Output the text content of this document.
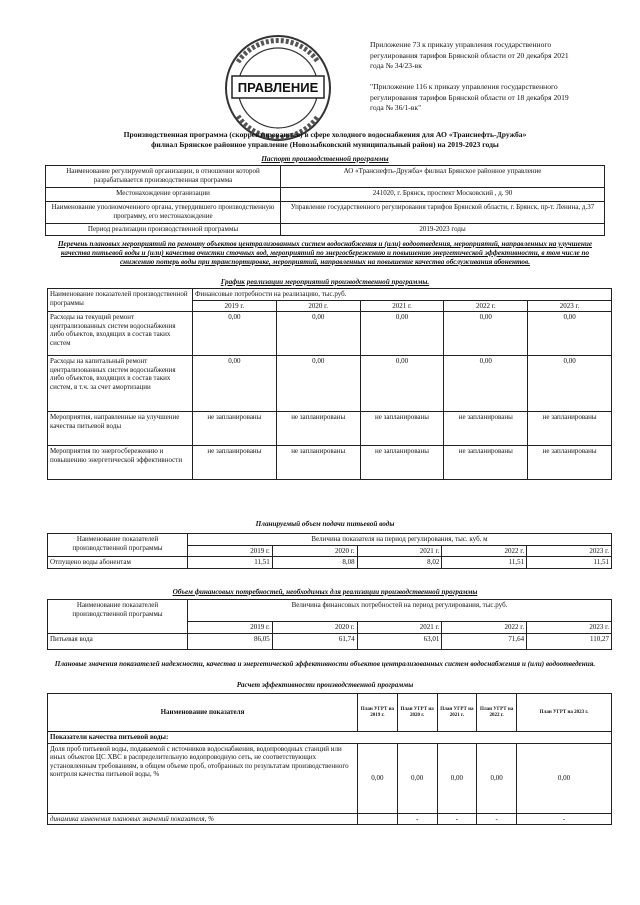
ПРАВЛЕНИЕ
Приложение 73 к приказу управления государственного
регулирования тарифов Брянской области от 20 декабря 2021
года № 34/23-вк
"Приложение 116 к приказу управления государственного
регулирования тарифов Брянской области от 18 декабря 2019
года № 36/1-вк"
Производственная программа (скорректированная) в сфере холодного водоснабжения для АО «Транснефть-Дружба»
филиал Брянское районное управление (Новозыбковский муниципальный район) на 2019-2023 годы
Паспорт производственной программы
Наименование регулируемой организации, в отношении которой разрабатывается производственная программа	АО «Транснефть-Дружба» филиал Брянское районное управление
Местонахождение организации	241020, г. Брянск, проспект Московский , д. 90
Наименование уполномоченного органа, утвердившего производственную программу, его местонахождение	Управление государственного регулирования тарифов Брянской области, г. Брянск, пр-т. Ленина, д.37
Период реализации производственной программы	2019-2023 годы
Перечень плановых мероприятий по ремонту объектов централизованных систем водоснабжения и (или) водоотведения, мероприятий, направленных на улучшение качества питьевой воды и (или) качества очистки сточных вод, мероприятий по энергосбережению и повышению энергетической эффективности, в том числе по снижению потерь воды при транспортировке, мероприятий, направленных на повышение качества обслуживания абонентов.
График реализации мероприятий производственной программы.
Наименование показателей производственной программы	Финансовые потребности на реализацию, тыс.руб.				
	2019 г.	2020 г.	2021 г.	2022 г.	2023 г.
Расходы на текущий ремонт централизованных систем водоснабжения либо объектов, входящих в состав таких систем	0,00	0,00	0,00	0,00	0,00
Расходы на капитальный ремонт централизованных систем водоснабжения либо объектов, входящих в состав таких систем, в т.ч. за счет амортизации	0,00	0,00	0,00	0,00	0,00
Мероприятия, направленные на улучшение качества питьевой воды	не запланированы	не запланированы	не запланированы	не запланированы	не запланированы
Мероприятия по энергосбережению и повышению энергетической эффективности	не запланированы	не запланированы	не запланированы	не запланированы	не запланированы
Планируемый объем подачи питьевой воды
Наименование показателей производственной программы	Величина показателя на период регулирования, тыс. куб. м				
	2019 г.	2020 г.	2021 г.	2022 г.	2023 г.
Отпущено воды абонентам	11,51	8,08	8,02	11,51	11,51
Объем финансовых потребностей, необходимых для реализации производственной программы
Наименование показателей производственной программы	Величина финансовых потребностей на период регулирования, тыс.руб.				
	2019 г.	2020 г.	2021 г.	2022 г.	2023 г.
Питьевая вода	86,05	61,74	63,01	71,64	110,27
Плановые значения показателей надежности, качества и энергетической эффективности объектов централизованных систем водоснабжения и (или) водоотведения.
Расчет эффективности производственной программы
Наименование показателя	План УГРТ на 2019 г.	План УГРТ на 2020 г.	План УГРТ на 2021 г.	План УГРТ на 2022 г.	План УГРТ на 2023 г.
Показатели качества питьевой воды:					
Доля проб питьевой воды, подаваемой с источников водоснабжения, водопроводных станций или иных объектов ЦС ХВС в распределительную водопроводную сеть, не соответствующих установленным требованиям, в общем объеме проб, отобранных по результатам производственного контроля качества питьевой воды, %	0,00	0,00	0,00	0,00	0,00
динамика изменения плановых значений показателя, %		-	-	-	-
